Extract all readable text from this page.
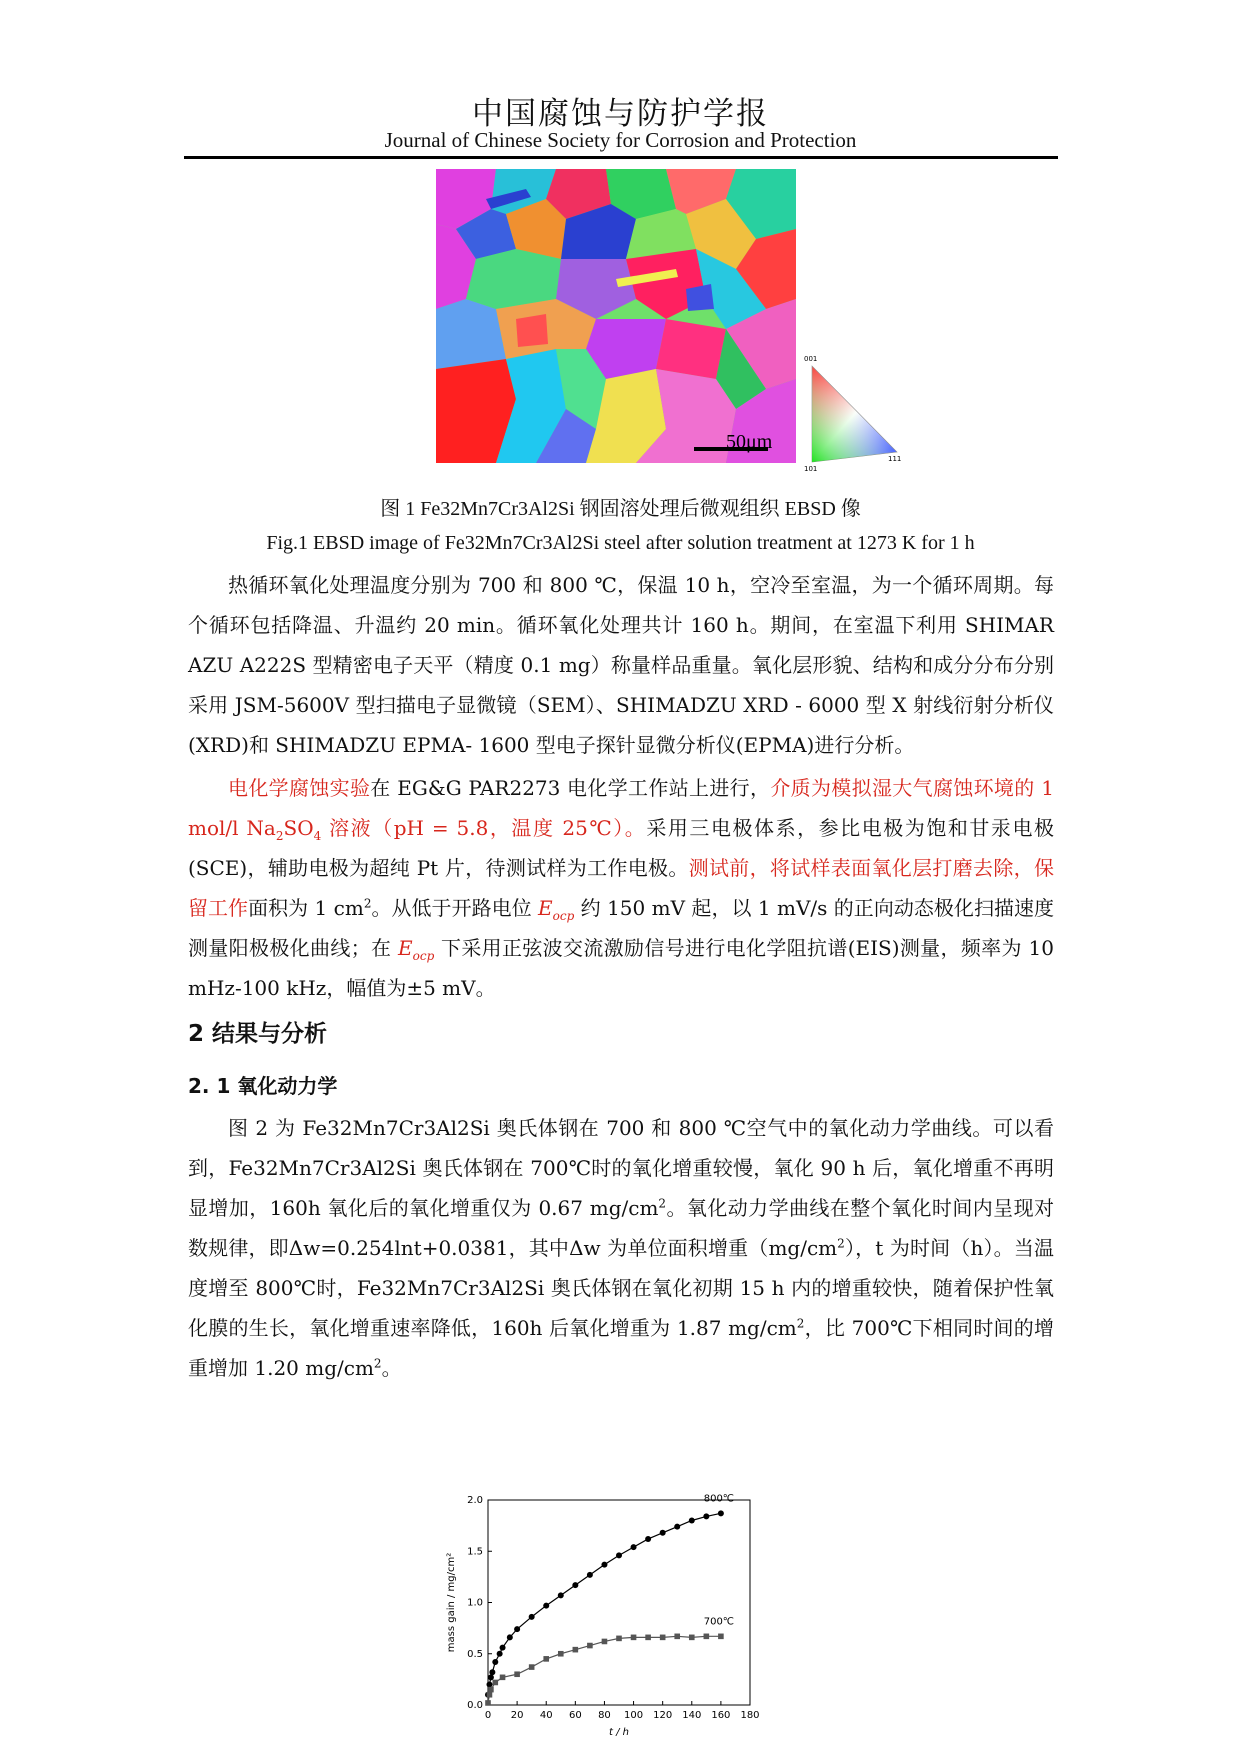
中国腐蚀与防护学报
Journal of Chinese Society for Corrosion and Protection
50μm
001
101
111
图 1 Fe32Mn7Cr3Al2Si 钢固溶处理后微观组织 EBSD 像
Fig.1 EBSD image of Fe32Mn7Cr3Al2Si steel after solution treatment at 1273 K for 1 h

热循环氧化处理温度分别为 700 和 800 ℃，保温 10 h，空冷至室温，为一个循环周期。每个循环包括降温、升温约 20 min。循环氧化处理共计 160 h。期间，在室温下利用 SHIMAR AZU A222S 型精密电子天平（精度 0.1 mg）称量样品重量。氧化层形貌、结构和成分分布分别采用 JSM-5600V 型扫描电子显微镜（SEM）、SHIMADZU XRD - 6000 型 X 射线衍射分析仪(XRD)和 SHIMADZU EPMA- 1600 型电子探针显微分析仪(EPMA)进行分析。

电化学腐蚀实验在 EG&G PAR2273 电化学工作站上进行，介质为模拟湿大气腐蚀环境的 1 mol/l $Na_2SO_4$ 溶液（pH = 5.8，温度 25℃）。采用三电极体系，参比电极为饱和甘汞电极(SCE)，辅助电极为超纯 Pt 片，待测试样为工作电极。测试前，将试样表面氧化层打磨去除，保留工作面积为 1 $cm^2$。从低于开路电位 $E_{ocp}$ 约 150 mV 起，以 1 mV/s 的正向动态极化扫描速度测量阳极极化曲线；在 $E_{ocp}$ 下采用正弦波交流激励信号进行电化学阻抗谱(EIS)测量，频率为 10 mHz-100 kHz，幅值为±5 mV。

2 结果与分析
2. 1 氧化动力学

图 2 为 Fe32Mn7Cr3Al2Si 奥氏体钢在 700 和 800 ℃空气中的氧化动力学曲线。可以看到，Fe32Mn7Cr3Al2Si 奥氏体钢在 700℃时的氧化增重较慢，氧化 90 h 后，氧化增重不再明显增加，160h 氧化后的氧化增重仅为 0.67 $mg/cm^2$。氧化动力学曲线在整个氧化时间内呈现对数规律，即Δw=0.254lnt+0.0381，其中Δw 为单位面积增重$(mg/cm^2)$，t 为时间（h）。当温度增至 800℃时，Fe32Mn7Cr3Al2Si 奥氏体钢在氧化初期 15 h 内的增重较快，随着保护性氧化膜的生长，氧化增重速率降低，160h 后氧化增重为 1.87 $mg/cm^2$，比 700℃下相同时间的增重增加 1.20 $mg/cm^2$。

0 20 40 60 80 100 120 140 160 180
0.0
0.5
1.0
1.5
2.0
t / h
mass gain / mg/cm²
800℃
700℃
